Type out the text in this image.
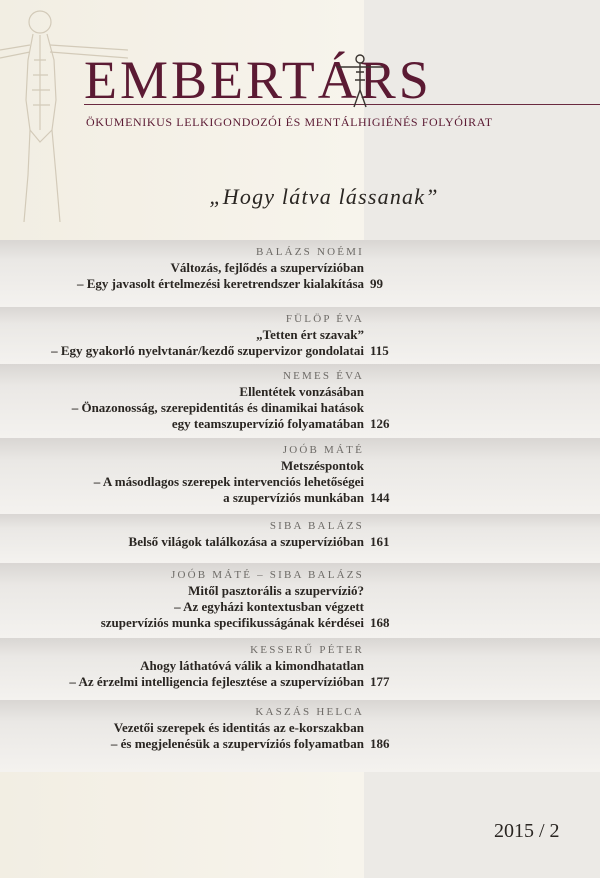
EMBERTÁRS
ÖKUMENIKUS LELKIGONDOZÓI ÉS MENTÁLHIGIÉNÉS FOLYÓIRAT
„Hogy látva lássanak”
BALÁZS NOÉMI
Változás, fejlődés a szupervízióban
– Egy javasolt értelmezési keretrendszer kialakítása 99
FÜLÖP ÉVA
„Tetten ért szavak”
– Egy gyakorló nyelvtanár/kezdő szupervizor gondolatai 115
NEMES ÉVA
Ellentétek vonzásában
– Önazonosság, szerepidentitás és dinamikai hatások
egy teamszupervízió folyamatában 126
JOÓB MÁTÉ
Metszéspontok
– A másodlagos szerepek intervenciós lehetőségei
a szupervíziós munkában 144
SIBA BALÁZS
Belső világok találkozása a szupervízióban 161
JOÓB MÁTÉ – SIBA BALÁZS
Mitől pasztorális a szupervízió?
– Az egyházi kontextusban végzett
szupervíziós munka specifikusságának kérdései 168
KESSERŰ PÉTER
Ahogy láthatóvá válik a kimondhatatlan
– Az érzelmi intelligencia fejlesztése a szupervízióban 177
KASZÁS HELCA
Vezetői szerepek és identitás az e-korszakban
– és megjelenésük a szupervíziós folyamatban 186
2015 / 2
